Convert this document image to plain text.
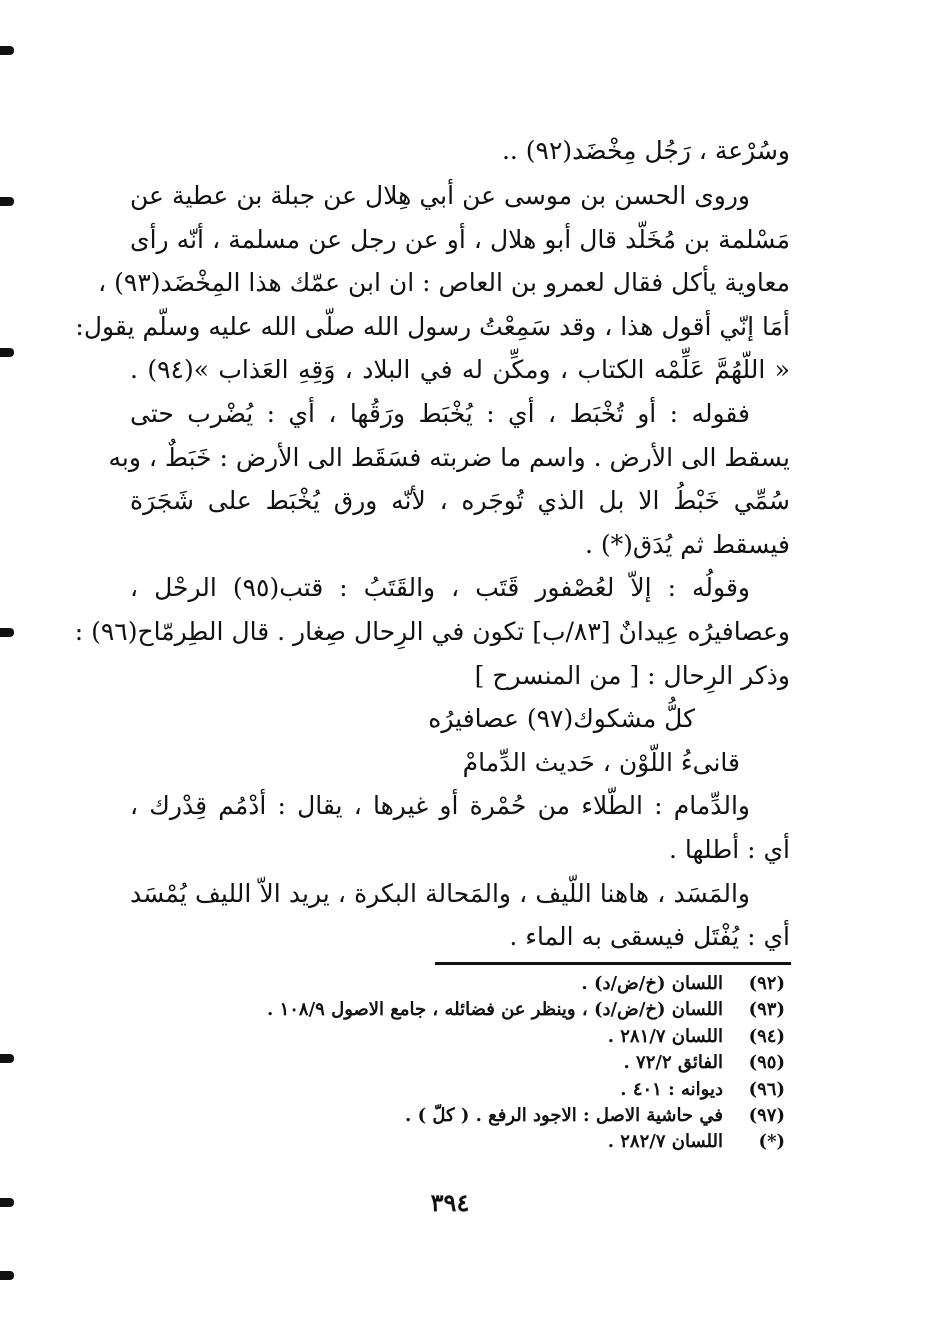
وسُرْعة ، رَجُل مِخْضَد(٩٢) ..
وروى الحسن بن موسى عن أبي هِلال عن جبلة بن عطية عن
مَسْلمة بن مُخَلّد قال أبو هلال ، أو عن رجل عن مسلمة ، أنّه رأى
معاوية يأكل فقال لعمرو بن العاص : ان ابن عمّك هذا المِخْضَد(٩٣) ،
أمَا إنّي أقول هذا ، وقد سَمِعْتُ رسول الله صلّى الله عليه وسلّم يقول:
« اللّهُمَّ عَلِّمْه الكتاب ، ومكِّن له في البلاد ، وَقِهِ العَذاب »(٩٤) .
فقوله : أو تُخْبَط ، أي : يُخْبَط ورَقُها ، أي : يُضْرب حتى
يسقط الى الأرض . واسم ما ضربته فسَقَط الى الأرض : خَبَطٌ ، وبه
سُمِّي خَبْطُ الا بل الذي تُوجَره ، لأنّه ورق يُخْبَط على شَجَرَة
فيسقط ثم يُدَق(*) .
وقولُه : إلاّ لعُصْفور قَتَب ، والقَتَبُ : قتب(٩٥) الرحْل ،
وعصافيرُه عِيدانٌ [٨٣/ب] تكون في الرِحال صِغار . قال الطِرمّاح(٩٦) :
وذكر الرِحال : [ من المنسرح ]
كلُّ مشكوك(٩٧) عصافيرُه
قانىءُ اللّوْن ، حَديث الدِّمامْ
والدِّمام : الطّلاء من حُمْرة أو غيرها ، يقال : أدْمُم قِدْرك ،
أي : أطلها .
والمَسَد ، هاهنا اللّيف ، والمَحالة البكرة ، يريد الاّ الليف يُمْسَد
أي : يُفْتَل فيسقى به الماء .
(٩٢)
اللسان (خ/ض/د) .
(٩٣)
اللسان (خ/ض/د) ، وينظر عن فضائله ، جامع الاصول ١٠٨/٩ .
(٩٤)
اللسان ٢٨١/٧ .
(٩٥)
الفائق ٧٢/٢ .
(٩٦)
ديوانه : ٤٠١ .
(٩٧)
في حاشية الاصل : الاجود الرفع . ( كلّ ) .
(*)
اللسان ٢٨٢/٧ .
٣٩٤
